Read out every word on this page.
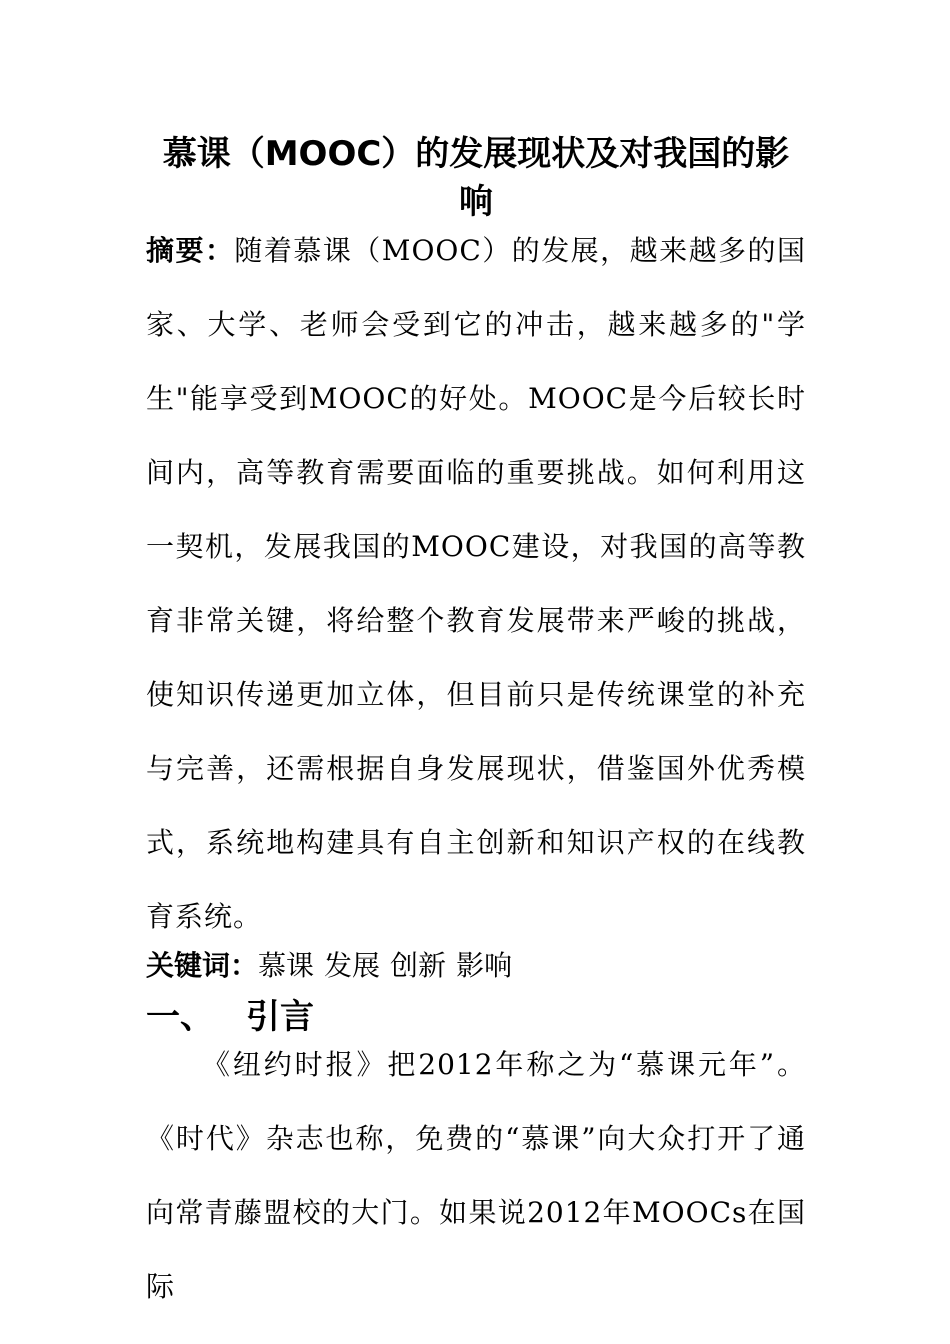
慕课（MOOC）的发展现状及对我国的影响

摘要：随着慕课（MOOC）的发展，越来越多的国家、大学、老师会受到它的冲击，越来越多的"学生"能享受到MOOC的好处。MOOC是今后较长时间内，高等教育需要面临的重要挑战。如何利用这一契机，发展我国的MOOC建设，对我国的高等教育非常关键，将给整个教育发展带来严峻的挑战，使知识传递更加立体，但目前只是传统课堂的补充与完善，还需根据自身发展现状，借鉴国外优秀模式，系统地构建具有自主创新和知识产权的在线教育系统。

关键词：慕课 发展 创新 影响

一、 引言

《纽约时报》把2012年称之为“慕课元年”。《时代》杂志也称，免费的“慕课”向大众打开了通向常青藤盟校的大门。如果说2012年MOOCs在国际
